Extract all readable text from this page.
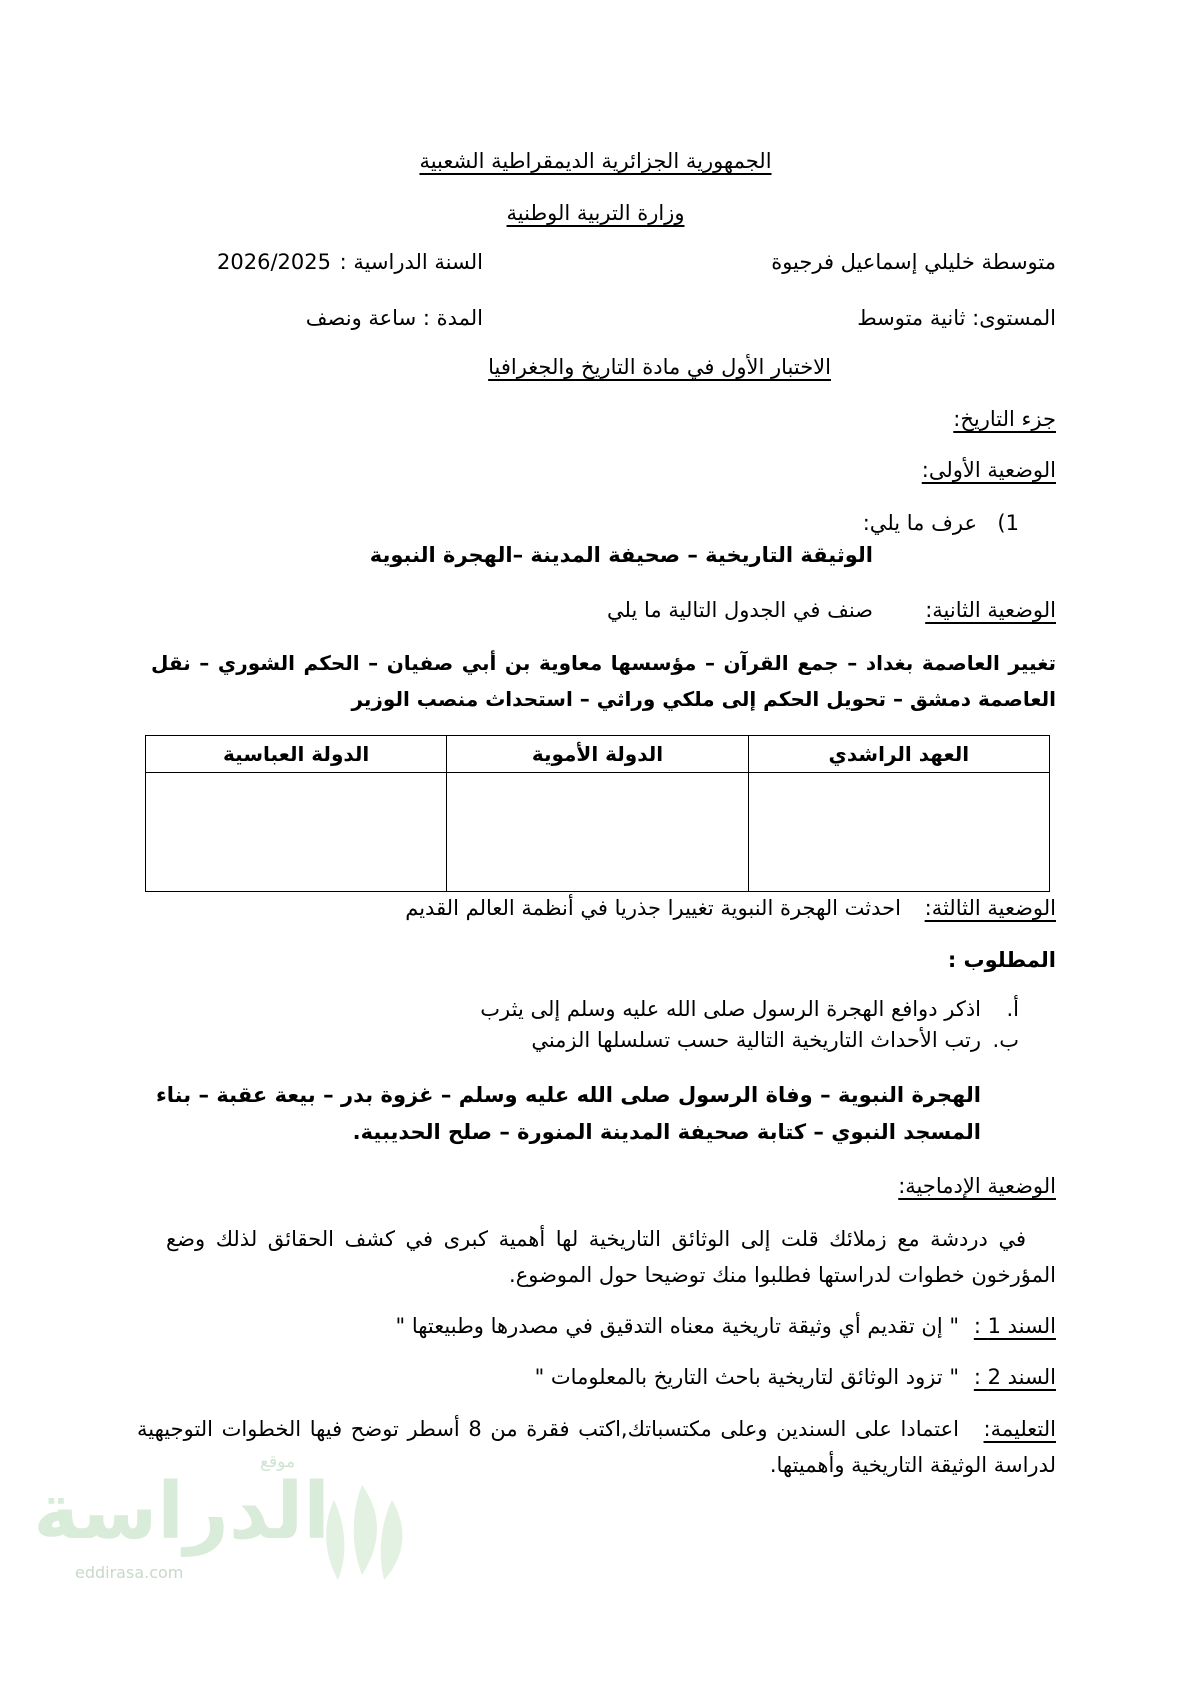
الجمهورية الجزائرية الديمقراطية الشعبية
وزارة التربية الوطنية
متوسطة خليلي إسماعيل فرجيوة
السنة الدراسية :
2026/2025
المستوى: ثانية متوسط
المدة : ساعة ونصف
الاختبار الأول في مادة التاريخ والجغرافيا
جزء التاريخ:
الوضعية الأولى:
1)
عرف ما يلي:
الوثيقة التاريخية – صحيفة المدينة –الهجرة النبوية
الوضعية الثانية:
صنف في الجدول التالية ما يلي
تغيير العاصمة بغداد – جمع القرآن – مؤسسها معاوية بن أبي صفيان – الحكم الشوري – نقل
العاصمة دمشق – تحويل الحكم إلى ملكي وراثي – استحداث منصب الوزير
العهد الراشدي	الدولة الأموية	الدولة العباسية

الوضعية الثالثة:
احدثت الهجرة النبوية تغييرا جذريا في أنظمة العالم القديم
المطلوب :
أ.
اذكر دوافع الهجرة الرسول صلى الله عليه وسلم إلى يثرب
ب.
رتب الأحداث التاريخية التالية حسب تسلسلها الزمني
الهجرة النبوية – وفاة الرسول صلى الله عليه وسلم – غزوة بدر – بيعة عقبة – بناء
المسجد النبوي – كتابة صحيفة المدينة المنورة – صلح الحديبية.
الوضعية الإدماجية:
في دردشة مع زملائك قلت إلى الوثائق التاريخية لها أهمية كبرى في كشف الحقائق لذلك وضع
المؤرخون خطوات لدراستها فطلبوا منك توضيحا حول الموضوع.
السند 1 :
" إن تقديم أي وثيقة تاريخية معناه التدقيق في مصدرها وطبيعتها "
السند 2 :
" تزود الوثائق لتاريخية باحث التاريخ بالمعلومات "
التعليمة:
اعتمادا على السندين وعلى مكتسباتك,اكتب فقرة من 8 أسطر توضح فيها الخطوات التوجيهية
لدراسة الوثيقة التاريخية وأهميتها.
موقع
الدراسة
eddirasa.com
